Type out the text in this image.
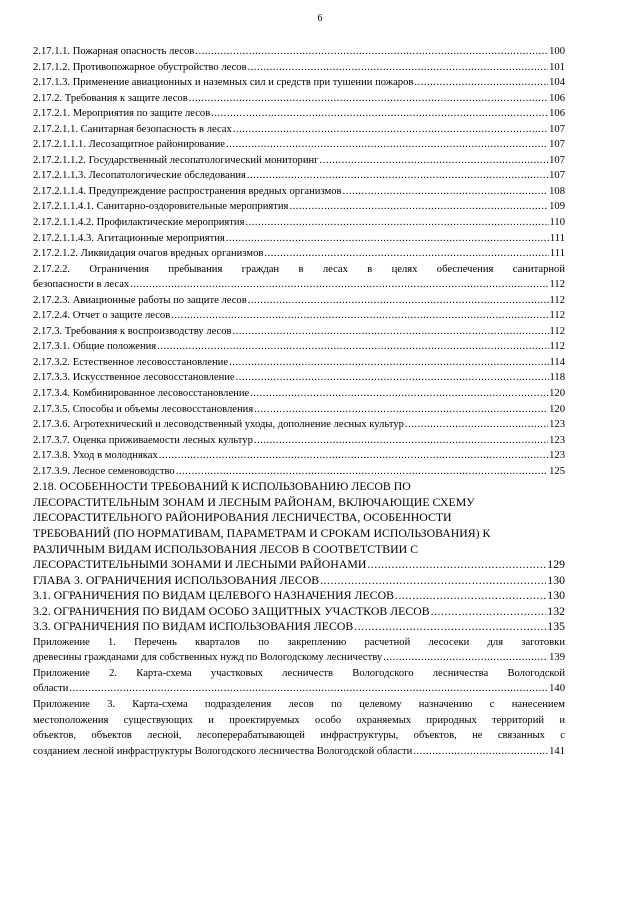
6
2.17.1.1. Пожарная опасность лесов .....	100
2.17.1.2. Противопожарное обустройство лесов .....	101
2.17.1.3. Применение авиационных и наземных сил и средств при тушении пожаров .....	104
2.17.2. Требования к защите лесов .....	106
2.17.2.1. Мероприятия по защите лесов .....	106
2.17.2.1.1. Санитарная безопасность в лесах .....	107
2.17.2.1.1.1. Лесозащитное районирование .....	107
2.17.2.1.1.2. Государственный лесопатологический мониторинг .....	107
2.17.2.1.1.3. Лесопатологические обследования .....	107
2.17.2.1.1.4. Предупреждение распространения вредных организмов .....	108
2.17.2.1.1.4.1. Санитарно-оздоровительные мероприятия .....	109
2.17.2.1.1.4.2. Профилактические мероприятия .....	110
2.17.2.1.1.4.3. Агитационные мероприятия .....	111
2.17.2.1.2. Ликвидация очагов вредных организмов .....	111
2.17.2.2. Ограничения пребывания граждан в лесах в целях обеспечения санитарной
безопасности в лесах .....	112
2.17.2.3. Авиационные работы по защите лесов .....	112
2.17.2.4. Отчет о защите лесов .....	112
2.17.3. Требования к воспроизводству лесов .....	112
2.17.3.1. Общие положения .....	112
2.17.3.2. Естественное лесовосстановление .....	114
2.17.3.3. Искусственное лесовосстановление .....	118
2.17.3.4. Комбинированное лесовосстановление .....	120
2.17.3.5. Способы и объемы лесовосстановления .....	120
2.17.3.6. Агротехнический и лесоводственный уходы, дополнение лесных культур .....	123
2.17.3.7. Оценка приживаемости лесных культур .....	123
2.17.3.8. Уход в молодняках .....	123
2.17.3.9. Лесное семеноводство .....	125
2.18. ОСОБЕННОСТИ ТРЕБОВАНИЙ К ИСПОЛЬЗОВАНИЮ ЛЕСОВ ПО
ЛЕСОРАСТИТЕЛЬНЫМ ЗОНАМ И ЛЕСНЫМ РАЙОНАМ, ВКЛЮЧАЮЩИЕ СХЕМУ
ЛЕСОРАСТИТЕЛЬНОГО РАЙОНИРОВАНИЯ ЛЕСНИЧЕСТВА, ОСОБЕННОСТИ
ТРЕБОВАНИЙ (ПО НОРМАТИВАМ, ПАРАМЕТРАМ И СРОКАМ ИСПОЛЬЗОВАНИЯ) К
РАЗЛИЧНЫМ ВИДАМ ИСПОЛЬЗОВАНИЯ ЛЕСОВ В СООТВЕТСТВИИ С
ЛЕСОРАСТИТЕЛЬНЫМИ ЗОНАМИ И ЛЕСНЫМИ РАЙОНАМИ .....	129
ГЛАВА 3. ОГРАНИЧЕНИЯ ИСПОЛЬЗОВАНИЯ ЛЕСОВ .....	130
3.1. ОГРАНИЧЕНИЯ ПО ВИДАМ ЦЕЛЕВОГО НАЗНАЧЕНИЯ ЛЕСОВ .....	130
3.2. ОГРАНИЧЕНИЯ ПО ВИДАМ ОСОБО ЗАЩИТНЫХ УЧАСТКОВ ЛЕСОВ .....	132
3.3. ОГРАНИЧЕНИЯ ПО ВИДАМ ИСПОЛЬЗОВАНИЯ ЛЕСОВ .....	135
Приложение 1. Перечень кварталов по закреплению расчетной лесосеки для заготовки
древесины гражданами для собственных нужд по Вологодскому лесничеству .....	139
Приложение 2. Карта-схема участковых лесничеств Вологодского лесничества Вологодской
области .....	140
Приложение 3. Карта-схема подразделения лесов по целевому назначению с нанесением
местоположения существующих и проектируемых особо охраняемых природных территорий и
объектов, объектов лесной, лесоперерабатывающей инфраструктуры, объектов, не связанных с
созданием лесной инфраструктуры Вологодского лесничества Вологодской области .....	141
